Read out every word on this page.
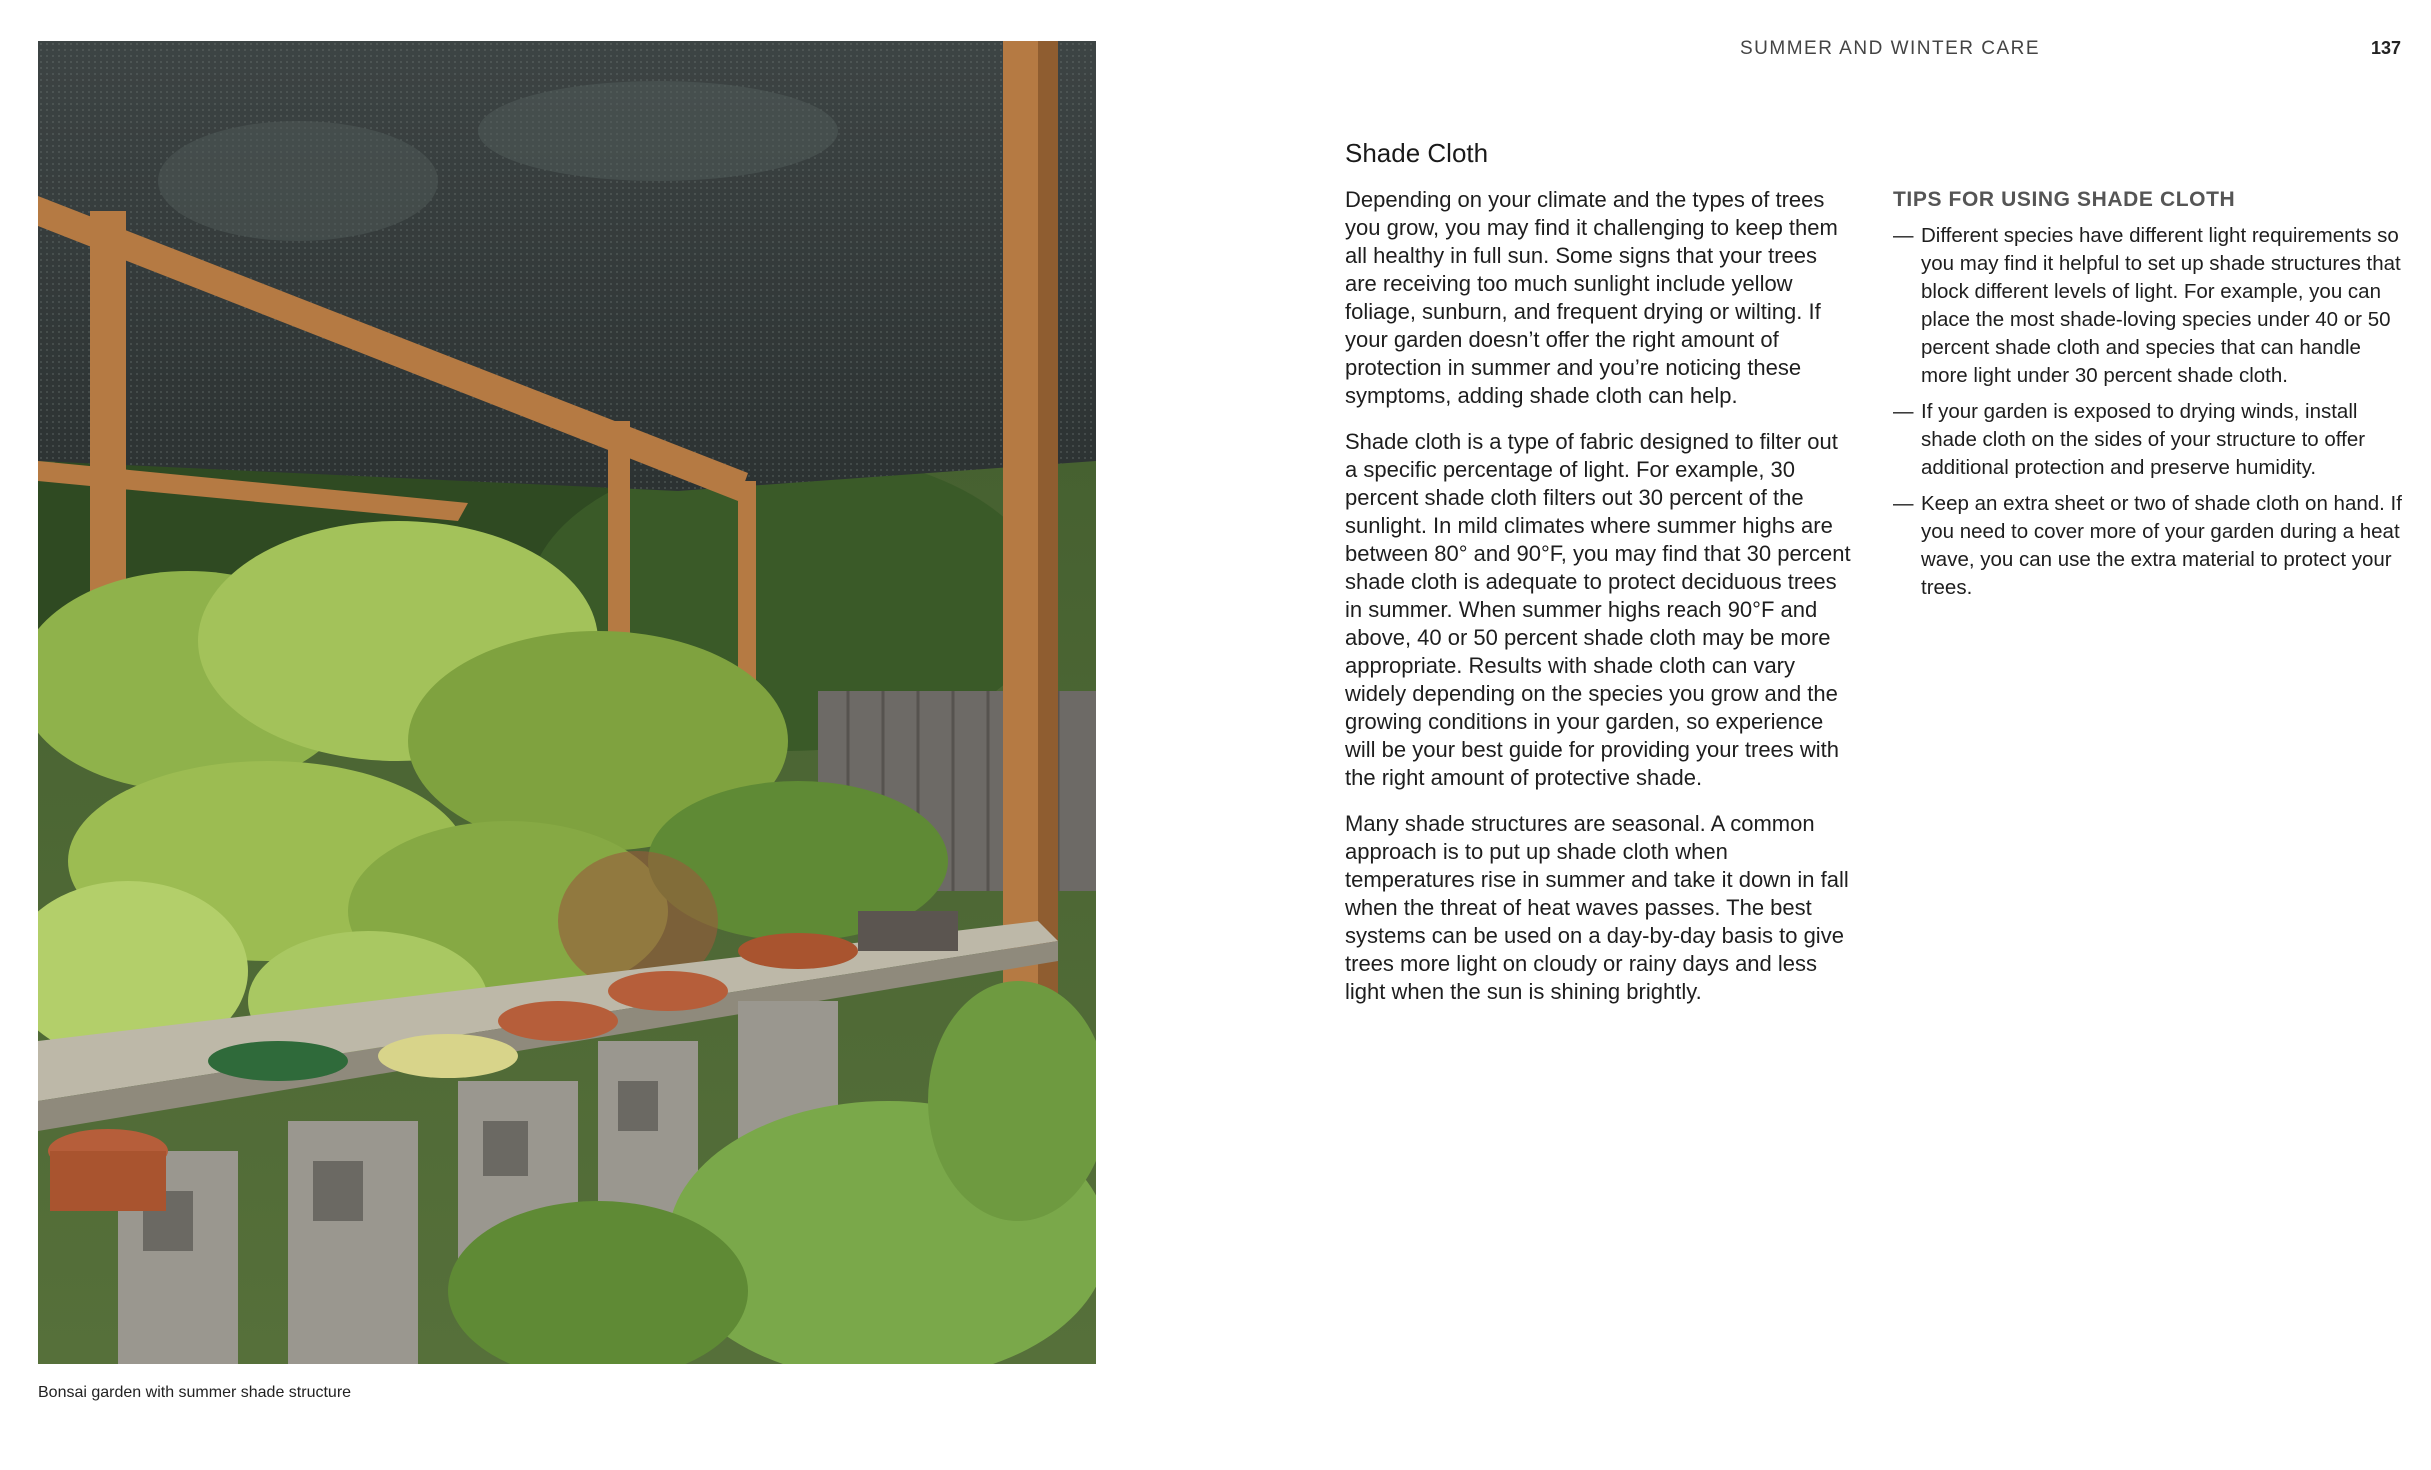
Bonsai garden with summer shade structure
SUMMER AND WINTER CARE	137
Shade Cloth

Depending on your climate and the types of trees you grow, you may find it challenging to keep them all healthy in full sun. Some signs that your trees are receiving too much sunlight include yellow foliage, sunburn, and frequent drying or wilting. If your garden doesn’t offer the right amount of protection in summer and you’re noticing these symptoms, adding shade cloth can help.

Shade cloth is a type of fabric designed to filter out a specific percentage of light. For example, 30 percent shade cloth filters out 30 percent of the sunlight. In mild climates where summer highs are between 80° and 90°F, you may find that 30 percent shade cloth is adequate to protect deciduous trees in summer. When summer highs reach 90°F and above, 40 or 50 percent shade cloth may be more appropriate. Results with shade cloth can vary widely depending on the species you grow and the growing conditions in your garden, so experience will be your best guide for providing your trees with the right amount of protective shade.

Many shade structures are seasonal. A common approach is to put up shade cloth when temperatures rise in summer and take it down in fall when the threat of heat waves passes. The best systems can be used on a day-by-day basis to give trees more light on cloudy or rainy days and less light when the sun is shining brightly.

TIPS FOR USING SHADE CLOTH
— Different species have different light requirements so you may find it helpful to set up shade structures that block different levels of light. For example, you can place the most shade-loving species under 40 or 50 percent shade cloth and species that can handle more light under 30 percent shade cloth.
— If your garden is exposed to drying winds, install shade cloth on the sides of your structure to offer additional protection and preserve humidity.
— Keep an extra sheet or two of shade cloth on hand. If you need to cover more of your garden during a heat wave, you can use the extra material to protect your trees.
